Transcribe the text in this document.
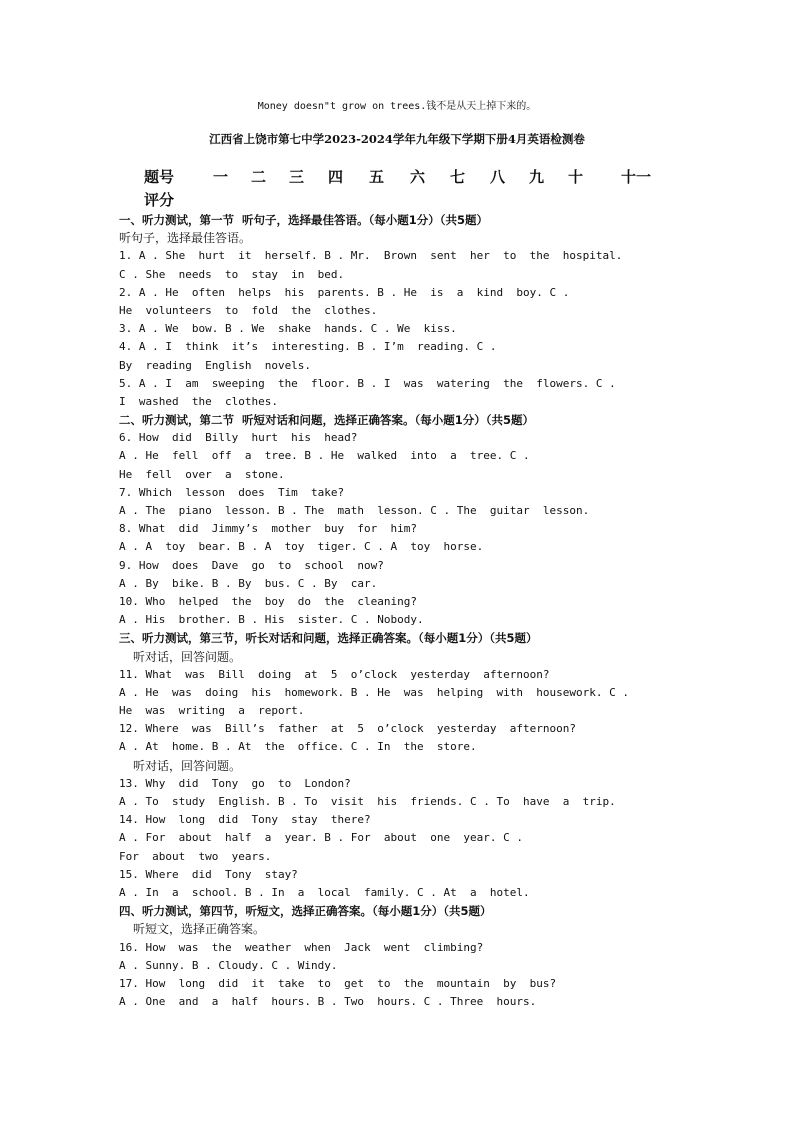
Money doesn"t grow on trees.钱不是从天上掉下来的。
江西省上饶市第七中学2023-2024学年九年级下学期下册4月英语检测卷
题号	一 二 三 四 五 六 七 八 九 十	十一
评分
一、听力测试，第一节  听句子，选择最佳答语。（每小题1分）（共5题）
听句子，选择最佳答语。
1. A . She  hurt  it  herself. B . Mr.  Brown  sent  her  to  the  hospital.
C . She  needs  to  stay  in  bed.
2. A . He  often  helps  his  parents. B . He  is  a  kind  boy. C .
He  volunteers  to  fold  the  clothes.
3. A . We  bow. B . We  shake  hands. C . We  kiss.
4. A . I  think  it’s  interesting. B . I’m  reading. C .
By  reading  English  novels.
5. A . I  am  sweeping  the  floor. B . I  was  watering  the  flowers. C .
I  washed  the  clothes.
二、听力测试，第二节  听短对话和问题，选择正确答案。（每小题1分）（共5题）
6. How  did  Billy  hurt  his  head?
A . He  fell  off  a  tree. B . He  walked  into  a  tree. C .
He  fell  over  a  stone.
7. Which  lesson  does  Tim  take?
A . The  piano  lesson. B . The  math  lesson. C . The  guitar  lesson.
8. What  did  Jimmy’s  mother  buy  for  him?
A . A  toy  bear. B . A  toy  tiger. C . A  toy  horse.
9. How  does  Dave  go  to  school  now?
A . By  bike. B . By  bus. C . By  car.
10. Who  helped  the  boy  do  the  cleaning?
A . His  brother. B . His  sister. C . Nobody.
三、听力测试，第三节，听长对话和问题，选择正确答案。（每小题1分）（共5题）
听对话，回答问题。
11. What  was  Bill  doing  at  5  o’clock  yesterday  afternoon?
A . He  was  doing  his  homework. B . He  was  helping  with  housework. C .
He  was  writing  a  report.
12. Where  was  Bill’s  father  at  5  o’clock  yesterday  afternoon?
A . At  home. B . At  the  office. C . In  the  store.
听对话，回答问题。
13. Why  did  Tony  go  to  London?
A . To  study  English. B . To  visit  his  friends. C . To  have  a  trip.
14. How  long  did  Tony  stay  there?
A . For  about  half  a  year. B . For  about  one  year. C .
For  about  two  years.
15. Where  did  Tony  stay?
A . In  a  school. B . In  a  local  family. C . At  a  hotel.
四、听力测试，第四节，听短文，选择正确答案。（每小题1分）（共5题）
听短文，选择正确答案。
16. How  was  the  weather  when  Jack  went  climbing?
A . Sunny. B . Cloudy. C . Windy.
17. How  long  did  it  take  to  get  to  the  mountain  by  bus?
A . One  and  a  half  hours. B . Two  hours. C . Three  hours.
